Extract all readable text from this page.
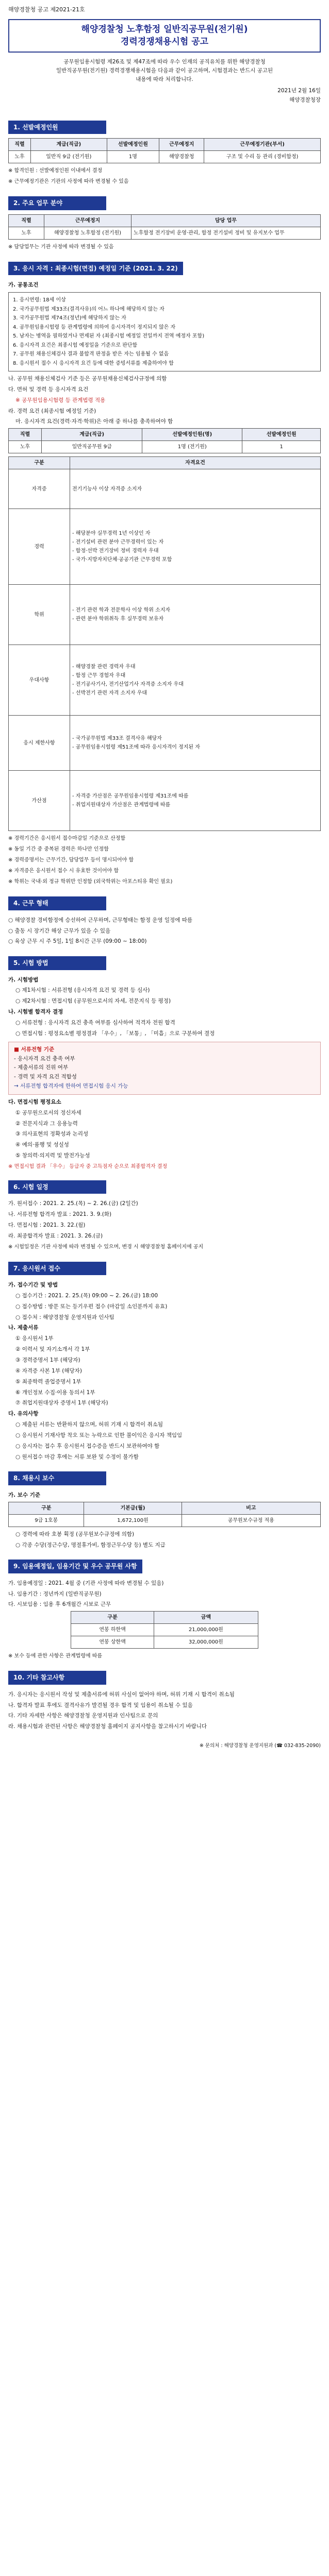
해양경찰청 공고 제2021-21호

해양경찰청 노후함정 일반직공무원(전기원)
경력경쟁채용시험 공고
공무원임용시험령 제26조 및 제47조에 따라 우수 인재의 공직유치를 위한 해양경찰청
일반직공무원(전기원) 경력경쟁채용시험을 다음과 같이 공고하며, 시험결과는 반드시 공고된
내용에 따라 처리합니다.

2021년 2월 16일

해양경찰청장

1. 선발예정인원
직렬	계급(직급)	선발예정인원	근무예정지	근무예정기관(부서)
노후	일반직 9급 (전기원)	1명	해양경찰청	구조 및 수리 등 관리 (경비함정)

※ 합격인원 : 선발예정인원 이내에서 결정

※ 근무예정기관은 기관의 사정에 따라 변경될 수 있음

2. 주요 업무 분야
직렬	근무예정지	담당 업무
노후	해양경찰청 노후함정 (전기원)	노후함정 전기장비 운영·관리, 함정 전기설비 정비 및 유지보수 업무

※ 담당업무는 기관 사정에 따라 변경될 수 있음

3. 응시 자격 : 최종시험(면접) 예정일 기준 (2021. 3. 22)

가. 공통조건

1. 응시연령: 18세 이상

2. 국가공무원법 제33조(결격사유)의 어느 하나에 해당하지 않는 자

3. 국가공무원법 제74조(정년)에 해당하지 않는 자

4. 공무원임용시험령 등 관계법령에 의하여 응시자격이 정지되지 않은 자

5. 남자는 병역을 필하였거나 면제된 자 (최종시험 예정일 전일까지 전역 예정자 포함)

6. 응시자격 요건은 최종시험 예정일을 기준으로 판단함

7. 공무원 채용신체검사 결과 불합격 판정을 받은 자는 임용될 수 없음

8. 응시원서 접수 시 응시자격 요건 등에 대한 증빙서류를 제출하여야 함

나. 공무원 채용신체검사 기준 등은 공무원채용신체검사규정에 의함

다. 면허 및 경력 등 응시자격 요건

※ 공무원임용시험령 등 관계법령 적용

라. 경력 요건 (최종시험 예정일 기준)

마. 응시자격 요건(경력·자격·학위)은 아래 중 하나를 충족하여야 함

직렬	계급(직급)	선발예정인원(명)	선발예정인원
노후	일반직공무원 9급	1명 (전기원)	1
구분	자격요건
자격증	전기기능사 이상 자격증 소지자
경력	- 해당분야 실무경력 1년 이상인 자
- 전기설비 관련 분야 근무경력이 있는 자
- 함정·선박 전기장비 정비 경력자 우대
- 국가·지방자치단체·공공기관 근무경력 포함
학위	- 전기 관련 학과 전문학사 이상 학위 소지자
- 관련 분야 학위취득 후 실무경력 보유자
우대사항	- 해양경찰 관련 경력자 우대
- 함정 근무 경험자 우대
- 전기공사기사, 전기산업기사 자격증 소지자 우대
- 선박전기 관련 자격 소지자 우대
응시 제한사항	- 국가공무원법 제33조 결격사유 해당자
- 공무원임용시험령 제51조에 따라 응시자격이 정지된 자
가산점	- 자격증 가산점은 공무원임용시험령 제31조에 따름
- 취업지원대상자 가산점은 관계법령에 따름

※ 경력기간은 응시원서 접수마감일 기준으로 산정함

※ 동일 기간 중 중복된 경력은 하나만 인정함

※ 경력증명서는 근무기간, 담당업무 등이 명시되어야 함

※ 자격증은 응시원서 접수 시 유효한 것이어야 함

※ 학위는 국내·외 정규 학위만 인정함 (외국학위는 아포스티유 확인 필요)

4. 근무 형태

○ 해양경찰 경비함정에 승선하여 근무하며, 근무형태는 함정 운영 일정에 따름

○ 출동 시 장기간 해상 근무가 있을 수 있음

○ 육상 근무 시 주 5일, 1일 8시간 근무 (09:00 ~ 18:00)

5. 시험 방법

가. 시험방법

○ 제1차시험 : 서류전형 (응시자격 요건 및 경력 등 심사)

○ 제2차시험 : 면접시험 (공무원으로서의 자세, 전문지식 등 평정)

나. 시험별 합격자 결정

○ 서류전형 : 응시자격 요건 충족 여부를 심사하여 적격자 전원 합격

○ 면접시험 : 평정요소별 평정결과 「우수」, 「보통」, 「미흡」으로 구분하여 결정

■ 서류전형 기준

- 응시자격 요건 충족 여부

- 제출서류의 진위 여부

- 경력 및 자격 요건 적합성

→ 서류전형 합격자에 한하여 면접시험 응시 가능

다. 면접시험 평정요소

① 공무원으로서의 정신자세

② 전문지식과 그 응용능력

③ 의사표현의 정확성과 논리성

④ 예의·품행 및 성실성

⑤ 창의력·의지력 및 발전가능성

※ 면접시험 결과 「우수」 등급자 중 고득점자 순으로 최종합격자 결정

6. 시험 일정

가. 원서접수 : 2021. 2. 25.(목) ~ 2. 26.(금) (2일간)

나. 서류전형 합격자 발표 : 2021. 3. 9.(화)

다. 면접시험 : 2021. 3. 22.(월)

라. 최종합격자 발표 : 2021. 3. 26.(금)

※ 시험일정은 기관 사정에 따라 변경될 수 있으며, 변경 시 해양경찰청 홈페이지에 공지

7. 응시원서 접수

가. 접수기간 및 방법

○ 접수기간 : 2021. 2. 25.(목) 09:00 ~ 2. 26.(금) 18:00

○ 접수방법 : 방문 또는 등기우편 접수 (마감일 소인분까지 유효)

○ 접수처 : 해양경찰청 운영지원과 인사팀

나. 제출서류

① 응시원서 1부

② 이력서 및 자기소개서 각 1부

③ 경력증명서 1부 (해당자)

④ 자격증 사본 1부 (해당자)

⑤ 최종학력 졸업증명서 1부

⑥ 개인정보 수집·이용 동의서 1부

⑦ 취업지원대상자 증명서 1부 (해당자)

다. 유의사항

○ 제출된 서류는 반환하지 않으며, 허위 기재 시 합격이 취소됨

○ 응시원서 기재사항 착오 또는 누락으로 인한 불이익은 응시자 책임임

○ 응시자는 접수 후 응시원서 접수증을 반드시 보관하여야 함

○ 원서접수 마감 후에는 서류 보완 및 수정이 불가함

8. 채용시 보수

가. 보수 기준

구분	기본급(월)	비고
9급 1호봉	1,672,100원	공무원보수규정 적용

○ 경력에 따라 호봉 획정 (공무원보수규정에 의함)

○ 각종 수당(정근수당, 명절휴가비, 함정근무수당 등) 별도 지급

9. 임용예정일, 임용기간 및 우수 공무원 사항

가. 임용예정일 : 2021. 4월 중 (기관 사정에 따라 변경될 수 있음)

나. 임용기간 : 정년까지 (일반직공무원)

다. 시보임용 : 임용 후 6개월간 시보로 근무

구분	금액
연봉 하한액	21,000,000원
연봉 상한액	32,000,000원

※ 보수 등에 관한 사항은 관계법령에 따름

10. 기타 참고사항

가. 응시자는 응시원서 작성 및 제출서류에 허위 사실이 없어야 하며, 허위 기재 시 합격이 취소됨

나. 합격자 발표 후에도 결격사유가 발견될 경우 합격 및 임용이 취소될 수 있음

다. 기타 자세한 사항은 해양경찰청 운영지원과 인사팀으로 문의

라. 채용시험과 관련된 사항은 해양경찰청 홈페이지 공지사항을 참고하시기 바랍니다

※ 문의처 : 해양경찰청 운영지원과 (☎ 032-835-2090)
